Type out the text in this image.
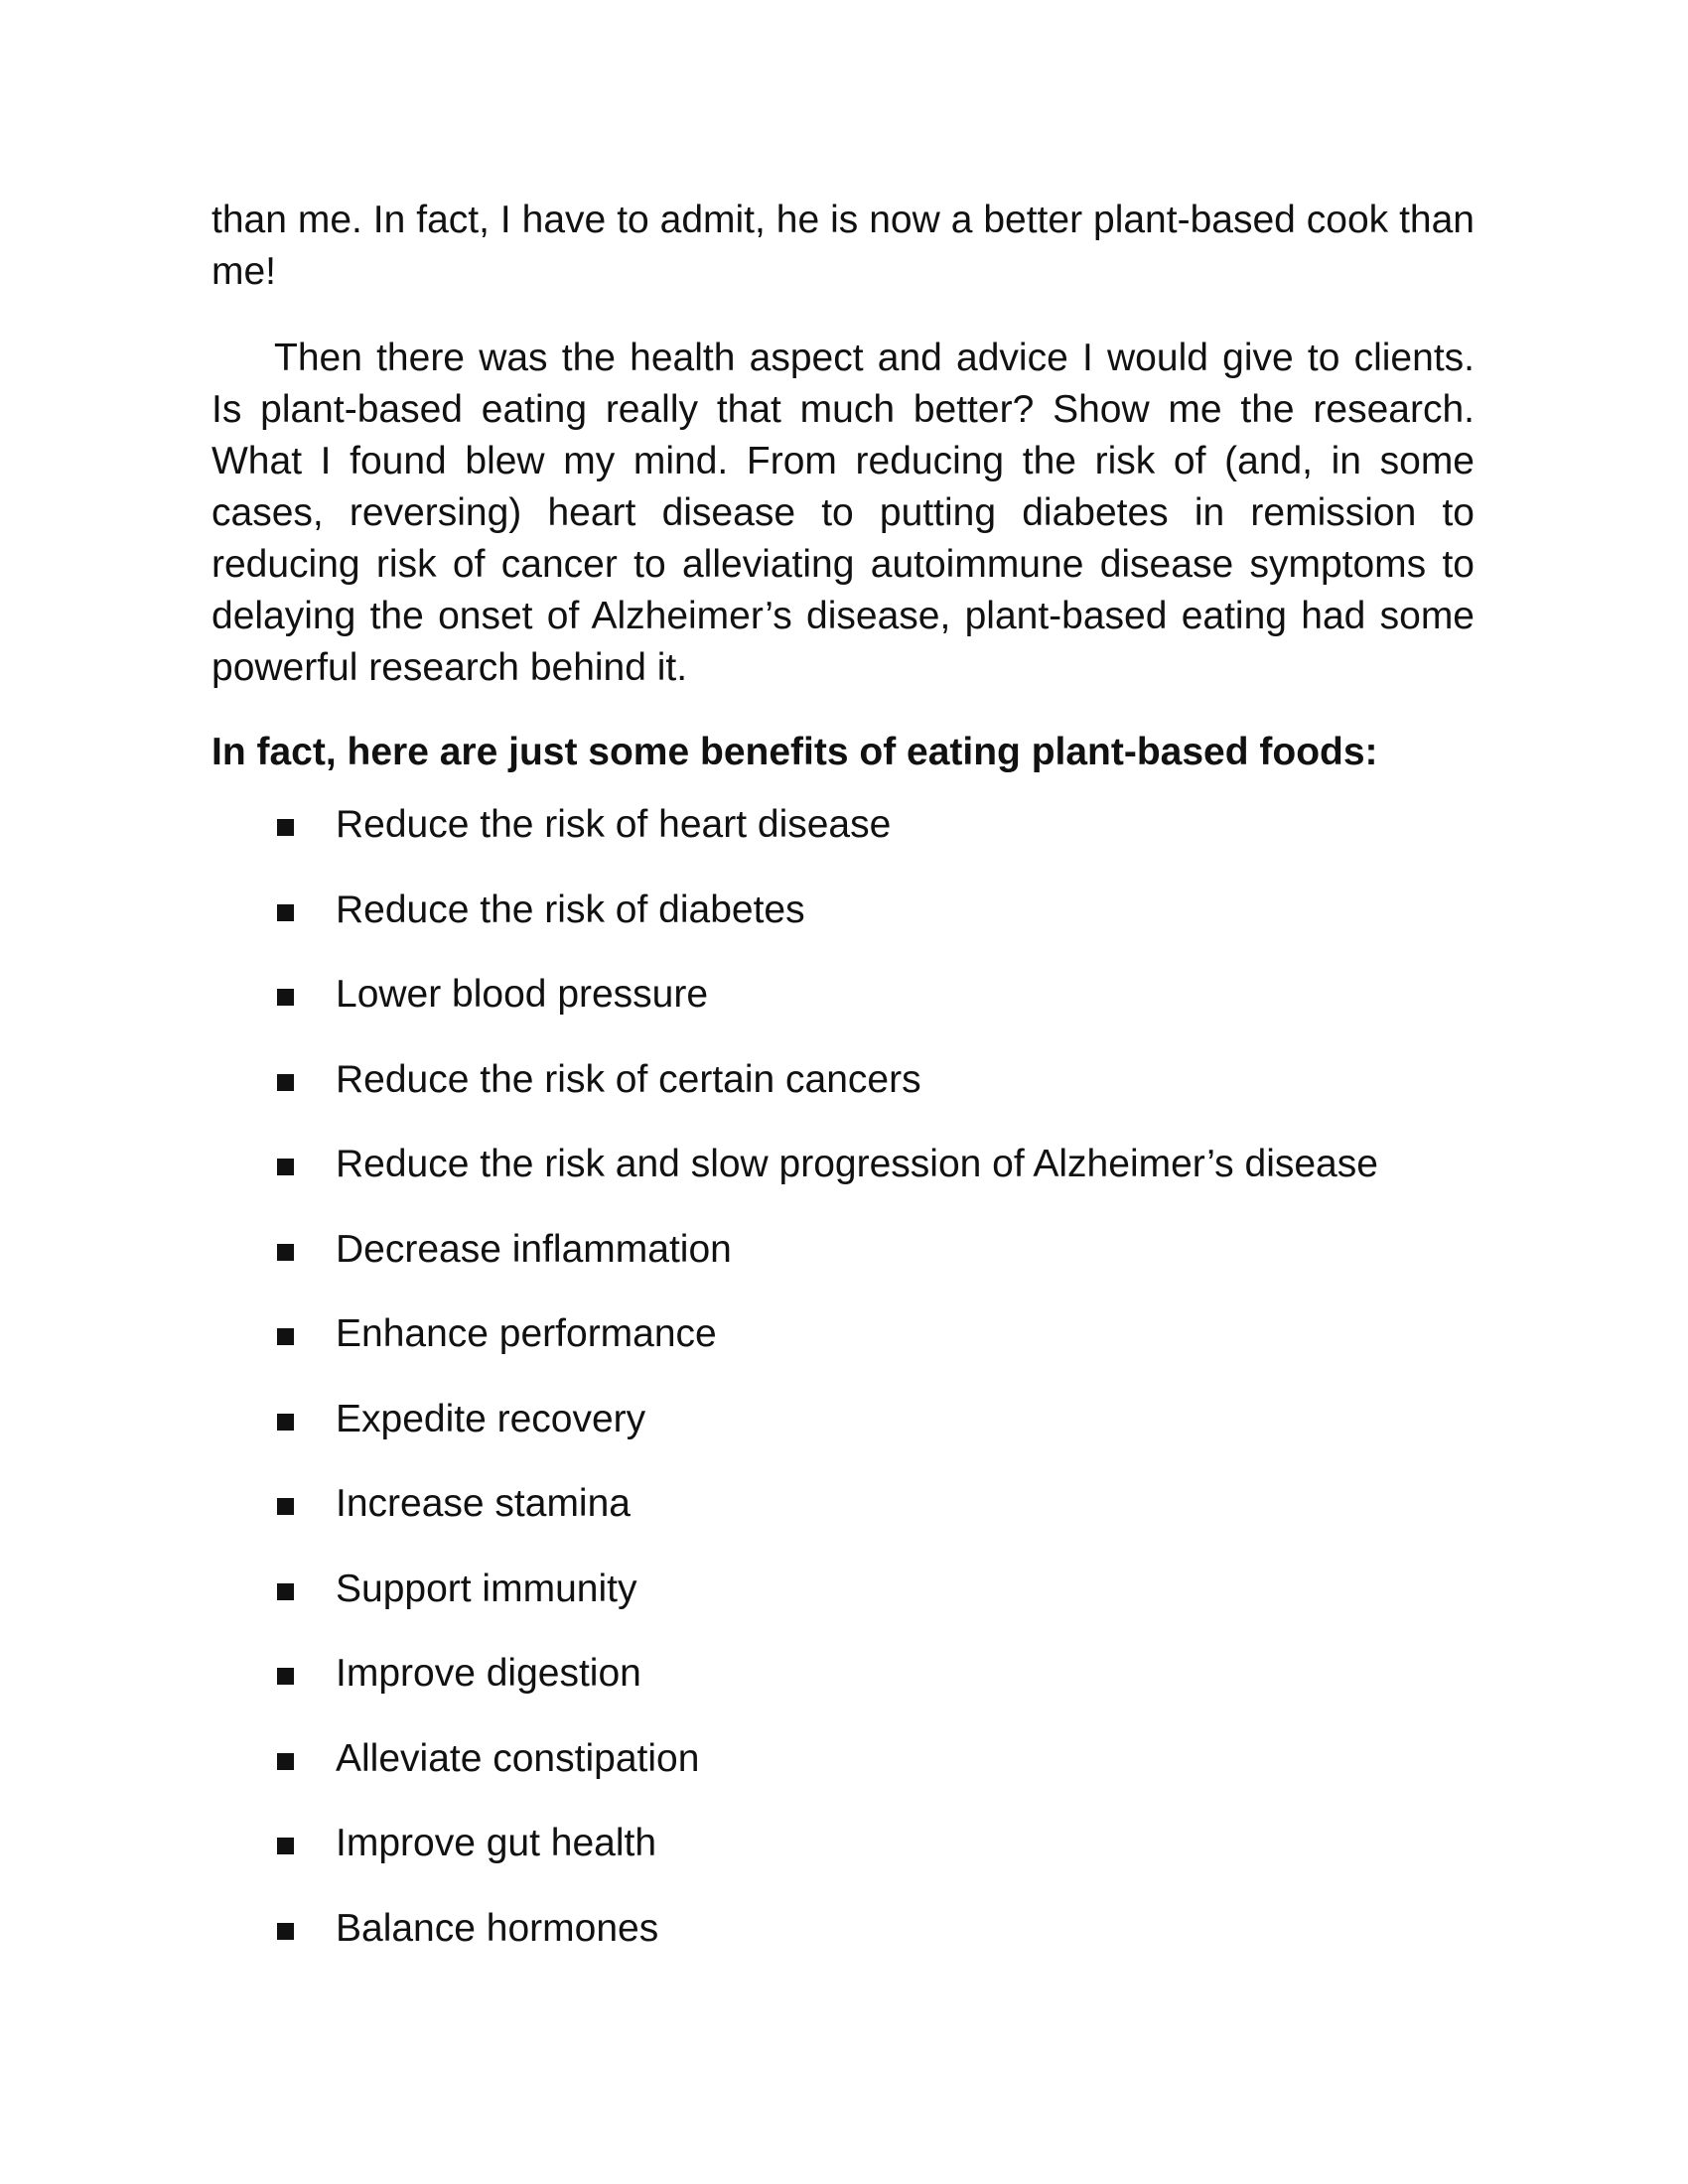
than me. In fact, I have to admit, he is now a better plant-based cook than me!

Then there was the health aspect and advice I would give to clients. Is plant-based eating really that much better? Show me the research. What I found blew my mind. From reducing the risk of (and, in some cases, reversing) heart disease to putting diabetes in remission to reducing risk of cancer to alleviating autoimmune disease symptoms to delaying the onset of Alzheimer’s disease, plant-based eating had some powerful research behind it.

In fact, here are just some benefits of eating plant-based foods:

Reduce the risk of heart disease
Reduce the risk of diabetes
Lower blood pressure
Reduce the risk of certain cancers
Reduce the risk and slow progression of Alzheimer’s disease
Decrease inflammation
Enhance performance
Expedite recovery
Increase stamina
Support immunity
Improve digestion
Alleviate constipation
Improve gut health
Balance hormones
